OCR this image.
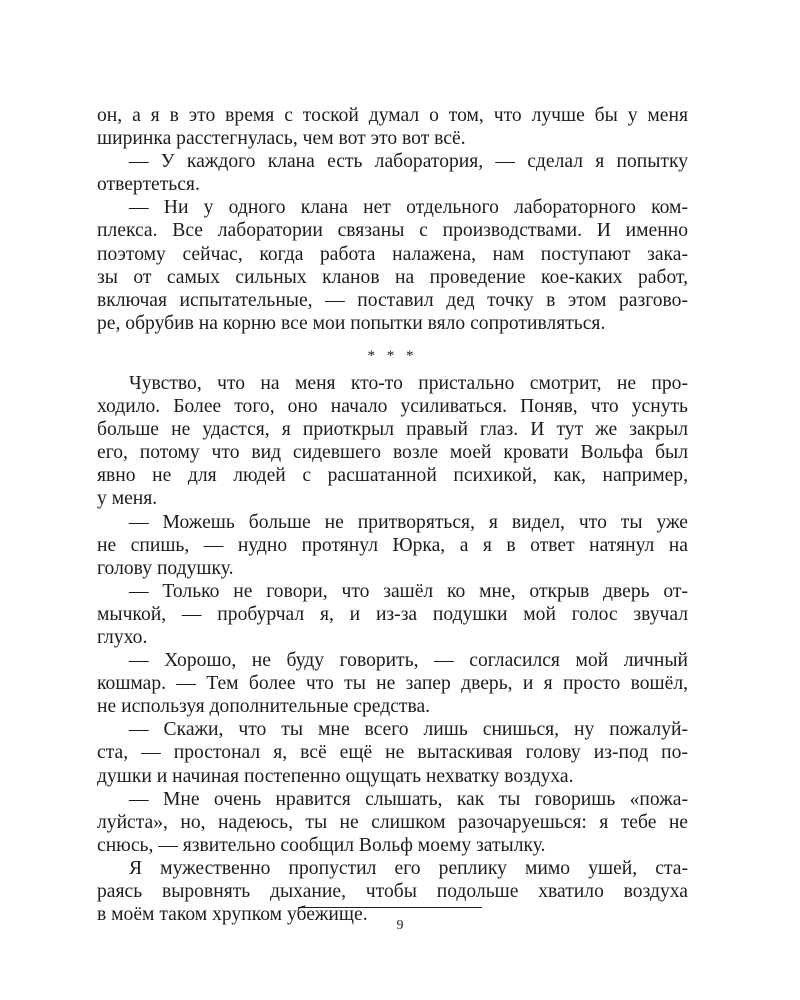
он, а я в это время с тоской думал о том, что лучше бы у меня
ширинка расстегнулась, чем вот это вот всё.

— У каждого клана есть лаборатория, — сделал я попытку
отвертеться.

— Ни у одного клана нет отдельного лабораторного ком-
плекса. Все лаборатории связаны с производствами. И именно
поэтому сейчас, когда работа налажена, нам поступают зака-
зы от самых сильных кланов на проведение кое-каких работ,
включая испытательные, — поставил дед точку в этом разгово-
ре, обрубив на корню все мои попытки вяло сопротивляться.

* * *

Чувство, что на меня кто-то пристально смотрит, не про-
ходило. Более того, оно начало усиливаться. Поняв, что уснуть
больше не удастся, я приоткрыл правый глаз. И тут же закрыл
его, потому что вид сидевшего возле моей кровати Вольфа был
явно не для людей с расшатанной психикой, как, например,
у меня.

— Можешь больше не притворяться, я видел, что ты уже
не спишь, — нудно протянул Юрка, а я в ответ натянул на
голову подушку.

— Только не говори, что зашёл ко мне, открыв дверь от-
мычкой, — пробурчал я, и из-за подушки мой голос звучал
глухо.

— Хорошо, не буду говорить, — согласился мой личный
кошмар. — Тем более что ты не запер дверь, и я просто вошёл,
не используя дополнительные средства.

— Скажи, что ты мне всего лишь снишься, ну пожалуй-
ста, — простонал я, всё ещё не вытаскивая голову из-под по-
душки и начиная постепенно ощущать нехватку воздуха.

— Мне очень нравится слышать, как ты говоришь «пожа-
луйста», но, надеюсь, ты не слишком разочаруешься: я тебе не
снюсь, — язвительно сообщил Вольф моему затылку.

Я мужественно пропустил его реплику мимо ушей, ста-
раясь выровнять дыхание, чтобы подольше хватило воздуха
в моём таком хрупком убежище.

9
